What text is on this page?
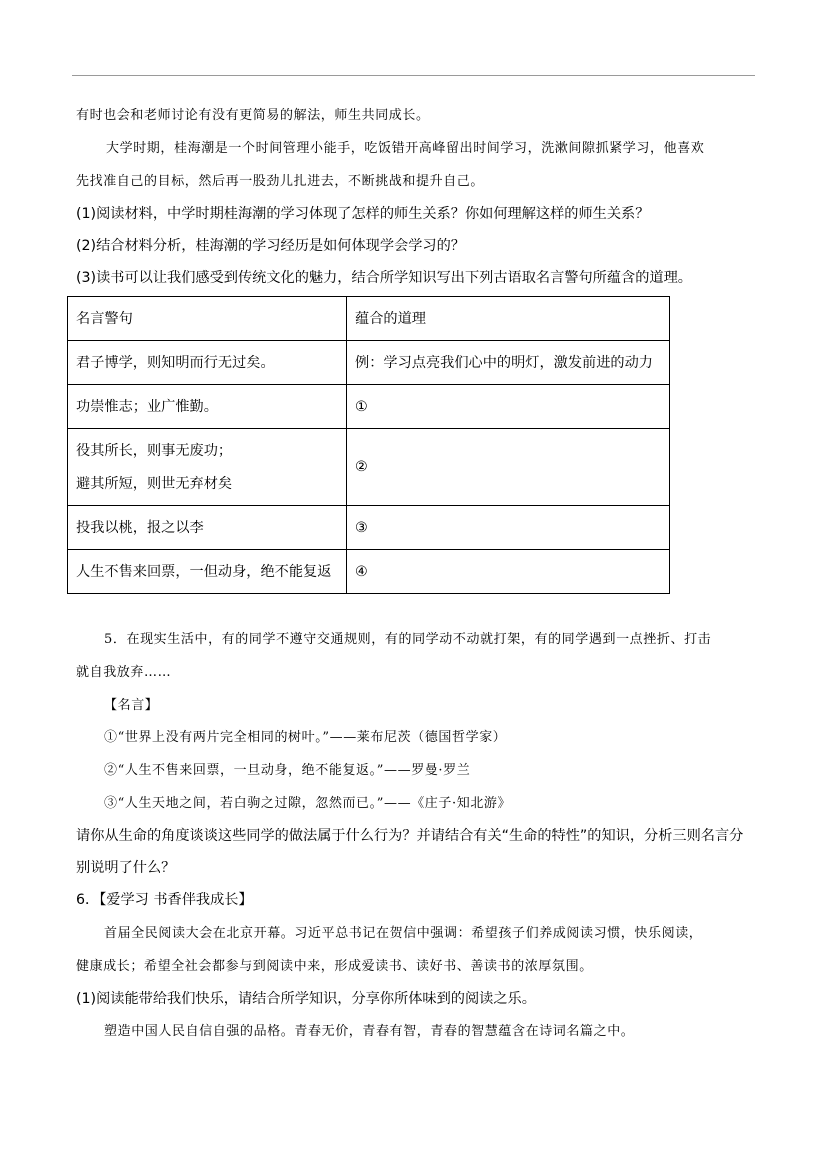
有时也会和老师讨论有没有更简易的解法，师生共同成长。
大学时期，桂海潮是一个时间管理小能手，吃饭错开高峰留出时间学习，洗漱间隙抓紧学习，他喜欢
先找准自己的目标，然后再一股劲儿扎进去，不断挑战和提升自己。
(1)阅读材料，中学时期桂海潮的学习体现了怎样的师生关系？你如何理解这样的师生关系？
(2)结合材料分析，桂海潮的学习经历是如何体现学会学习的？
(3)读书可以让我们感受到传统文化的魅力，结合所学知识写出下列古语取名言警句所蕴含的道理。
名言警句	蕴合的道理
君子博学，则知明而行无过矣。	例：学习点亮我们心中的明灯，激发前进的动力
功崇惟志；业广惟勤。	①

役其所长，则事无废功；
避其所短，则世无弃材矣	②
投我以桃，报之以李	③
人生不售来回票，一但动身，绝不能复返	④
5．在现实生活中，有的同学不遵守交通规则，有的同学动不动就打架，有的同学遇到一点挫折、打击
就自我放弃……
【名言】
①“世界上没有两片完全相同的树叶。”——莱布尼茨（德国哲学家）
②“人生不售来回票，一旦动身，绝不能复返。”——罗曼·罗兰
③“人生天地之间，若白驹之过隙，忽然而已。”——《庄子·知北游》
请你从生命的角度谈谈这些同学的做法属于什么行为？并请结合有关“生命的特性”的知识，分析三则名言分
别说明了什么？
6．【爱学习 书香伴我成长】
首届全民阅读大会在北京开幕。习近平总书记在贺信中强调：希望孩子们养成阅读习惯，快乐阅读，
健康成长；希望全社会都参与到阅读中来，形成爱读书、读好书、善读书的浓厚氛围。
(1)阅读能带给我们快乐，请结合所学知识，分享你所体味到的阅读之乐。
塑造中国人民自信自强的品格。青春无价，青春有智，青春的智慧蕴含在诗词名篇之中。
